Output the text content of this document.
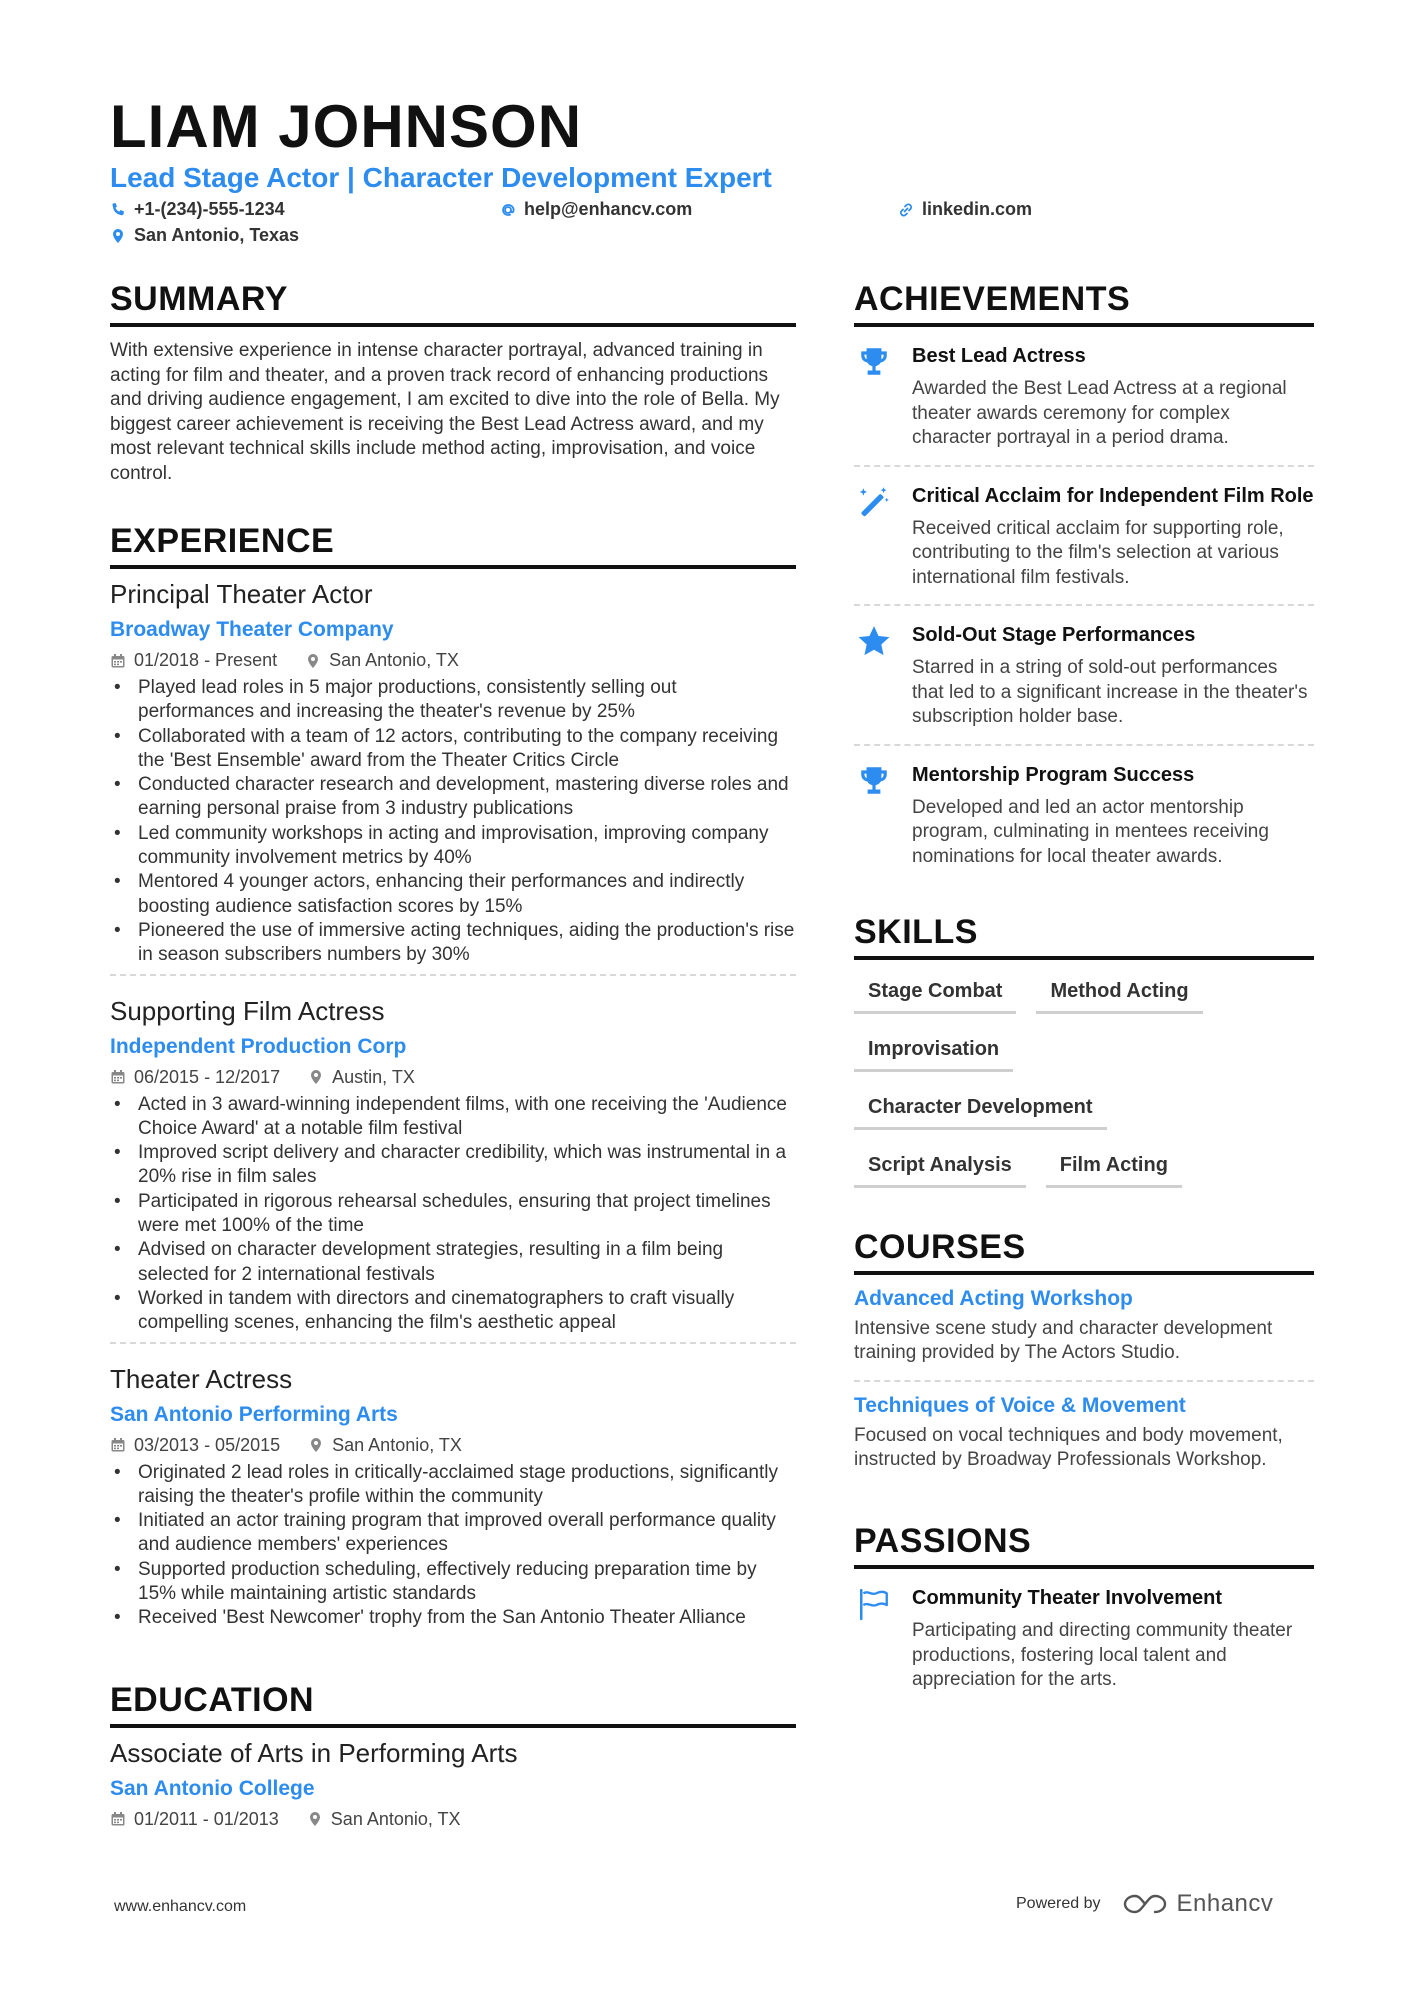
LIAM JOHNSON
Lead Stage Actor | Character Development Expert
+1-(234)-555-1234	help@enhancv.com	linkedin.com
San Antonio, Texas
SUMMARY

With extensive experience in intense character portrayal, advanced training in acting for film and theater, and a proven track record of enhancing productions and driving audience engagement, I am excited to dive into the role of Bella. My biggest career achievement is receiving the Best Lead Actress award, and my most relevant technical skills include method acting, improvisation, and voice control.

EXPERIENCE
Principal Theater Actor
Broadway Theater Company
01/2018 - Present	San Antonio, TX
• Played lead roles in 5 major productions, consistently selling out performances and increasing the theater's revenue by 25%
• Collaborated with a team of 12 actors, contributing to the company receiving the 'Best Ensemble' award from the Theater Critics Circle
• Conducted character research and development, mastering diverse roles and earning personal praise from 3 industry publications
• Led community workshops in acting and improvisation, improving company community involvement metrics by 40%
• Mentored 4 younger actors, enhancing their performances and indirectly boosting audience satisfaction scores by 15%
• Pioneered the use of immersive acting techniques, aiding the production's rise in season subscribers numbers by 30%
Supporting Film Actress
Independent Production Corp
06/2015 - 12/2017	Austin, TX
• Acted in 3 award-winning independent films, with one receiving the 'Audience Choice Award' at a notable film festival
• Improved script delivery and character credibility, which was instrumental in a 20% rise in film sales
• Participated in rigorous rehearsal schedules, ensuring that project timelines were met 100% of the time
• Advised on character development strategies, resulting in a film being selected for 2 international festivals
• Worked in tandem with directors and cinematographers to craft visually compelling scenes, enhancing the film's aesthetic appeal
Theater Actress
San Antonio Performing Arts
03/2013 - 05/2015	San Antonio, TX
• Originated 2 lead roles in critically-acclaimed stage productions, significantly raising the theater's profile within the community
• Initiated an actor training program that improved overall performance quality and audience members' experiences
• Supported production scheduling, effectively reducing preparation time by 15% while maintaining artistic standards
• Received 'Best Newcomer' trophy from the San Antonio Theater Alliance
EDUCATION
Associate of Arts in Performing Arts
San Antonio College
01/2011 - 01/2013	San Antonio, TX
ACHIEVEMENTS
Best Lead Actress
Awarded the Best Lead Actress at a regional theater awards ceremony for complex character portrayal in a period drama.
Critical Acclaim for Independent Film Role
Received critical acclaim for supporting role, contributing to the film's selection at various international film festivals.
Sold-Out Stage Performances
Starred in a string of sold-out performances that led to a significant increase in the theater's subscription holder base.
Mentorship Program Success
Developed and led an actor mentorship program, culminating in mentees receiving nominations for local theater awards.
SKILLS
Stage Combat	Method Acting
Improvisation
Character Development
Script Analysis	Film Acting
COURSES
Advanced Acting Workshop
Intensive scene study and character development training provided by The Actors Studio.
Techniques of Voice & Movement
Focused on vocal techniques and body movement, instructed by Broadway Professionals Workshop.
PASSIONS
Community Theater Involvement
Participating and directing community theater productions, fostering local talent and appreciation for the arts.
www.enhancv.com	Powered by	Enhancv
